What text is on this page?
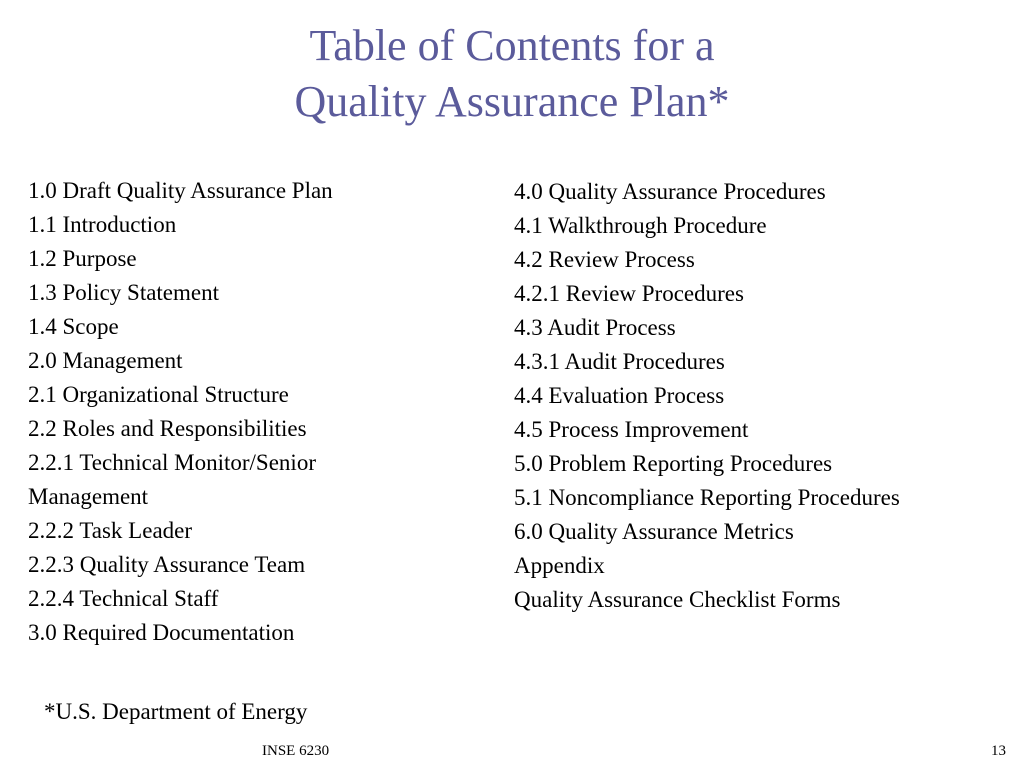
Table of Contents for a
Quality Assurance Plan*
1.0 Draft Quality Assurance Plan
1.1 Introduction
1.2 Purpose
1.3 Policy Statement
1.4 Scope
2.0 Management
2.1 Organizational Structure
2.2 Roles and Responsibilities
2.2.1 Technical Monitor/Senior
Management
2.2.2 Task Leader
2.2.3 Quality Assurance Team
2.2.4 Technical Staff
3.0 Required Documentation
4.0 Quality Assurance Procedures
4.1 Walkthrough Procedure
4.2 Review Process
4.2.1 Review Procedures
4.3 Audit Process
4.3.1 Audit Procedures
4.4 Evaluation Process
4.5 Process Improvement
5.0 Problem Reporting Procedures
5.1 Noncompliance Reporting Procedures
6.0 Quality Assurance Metrics
Appendix
Quality Assurance Checklist Forms
*U.S. Department of Energy
INSE 6230	13
